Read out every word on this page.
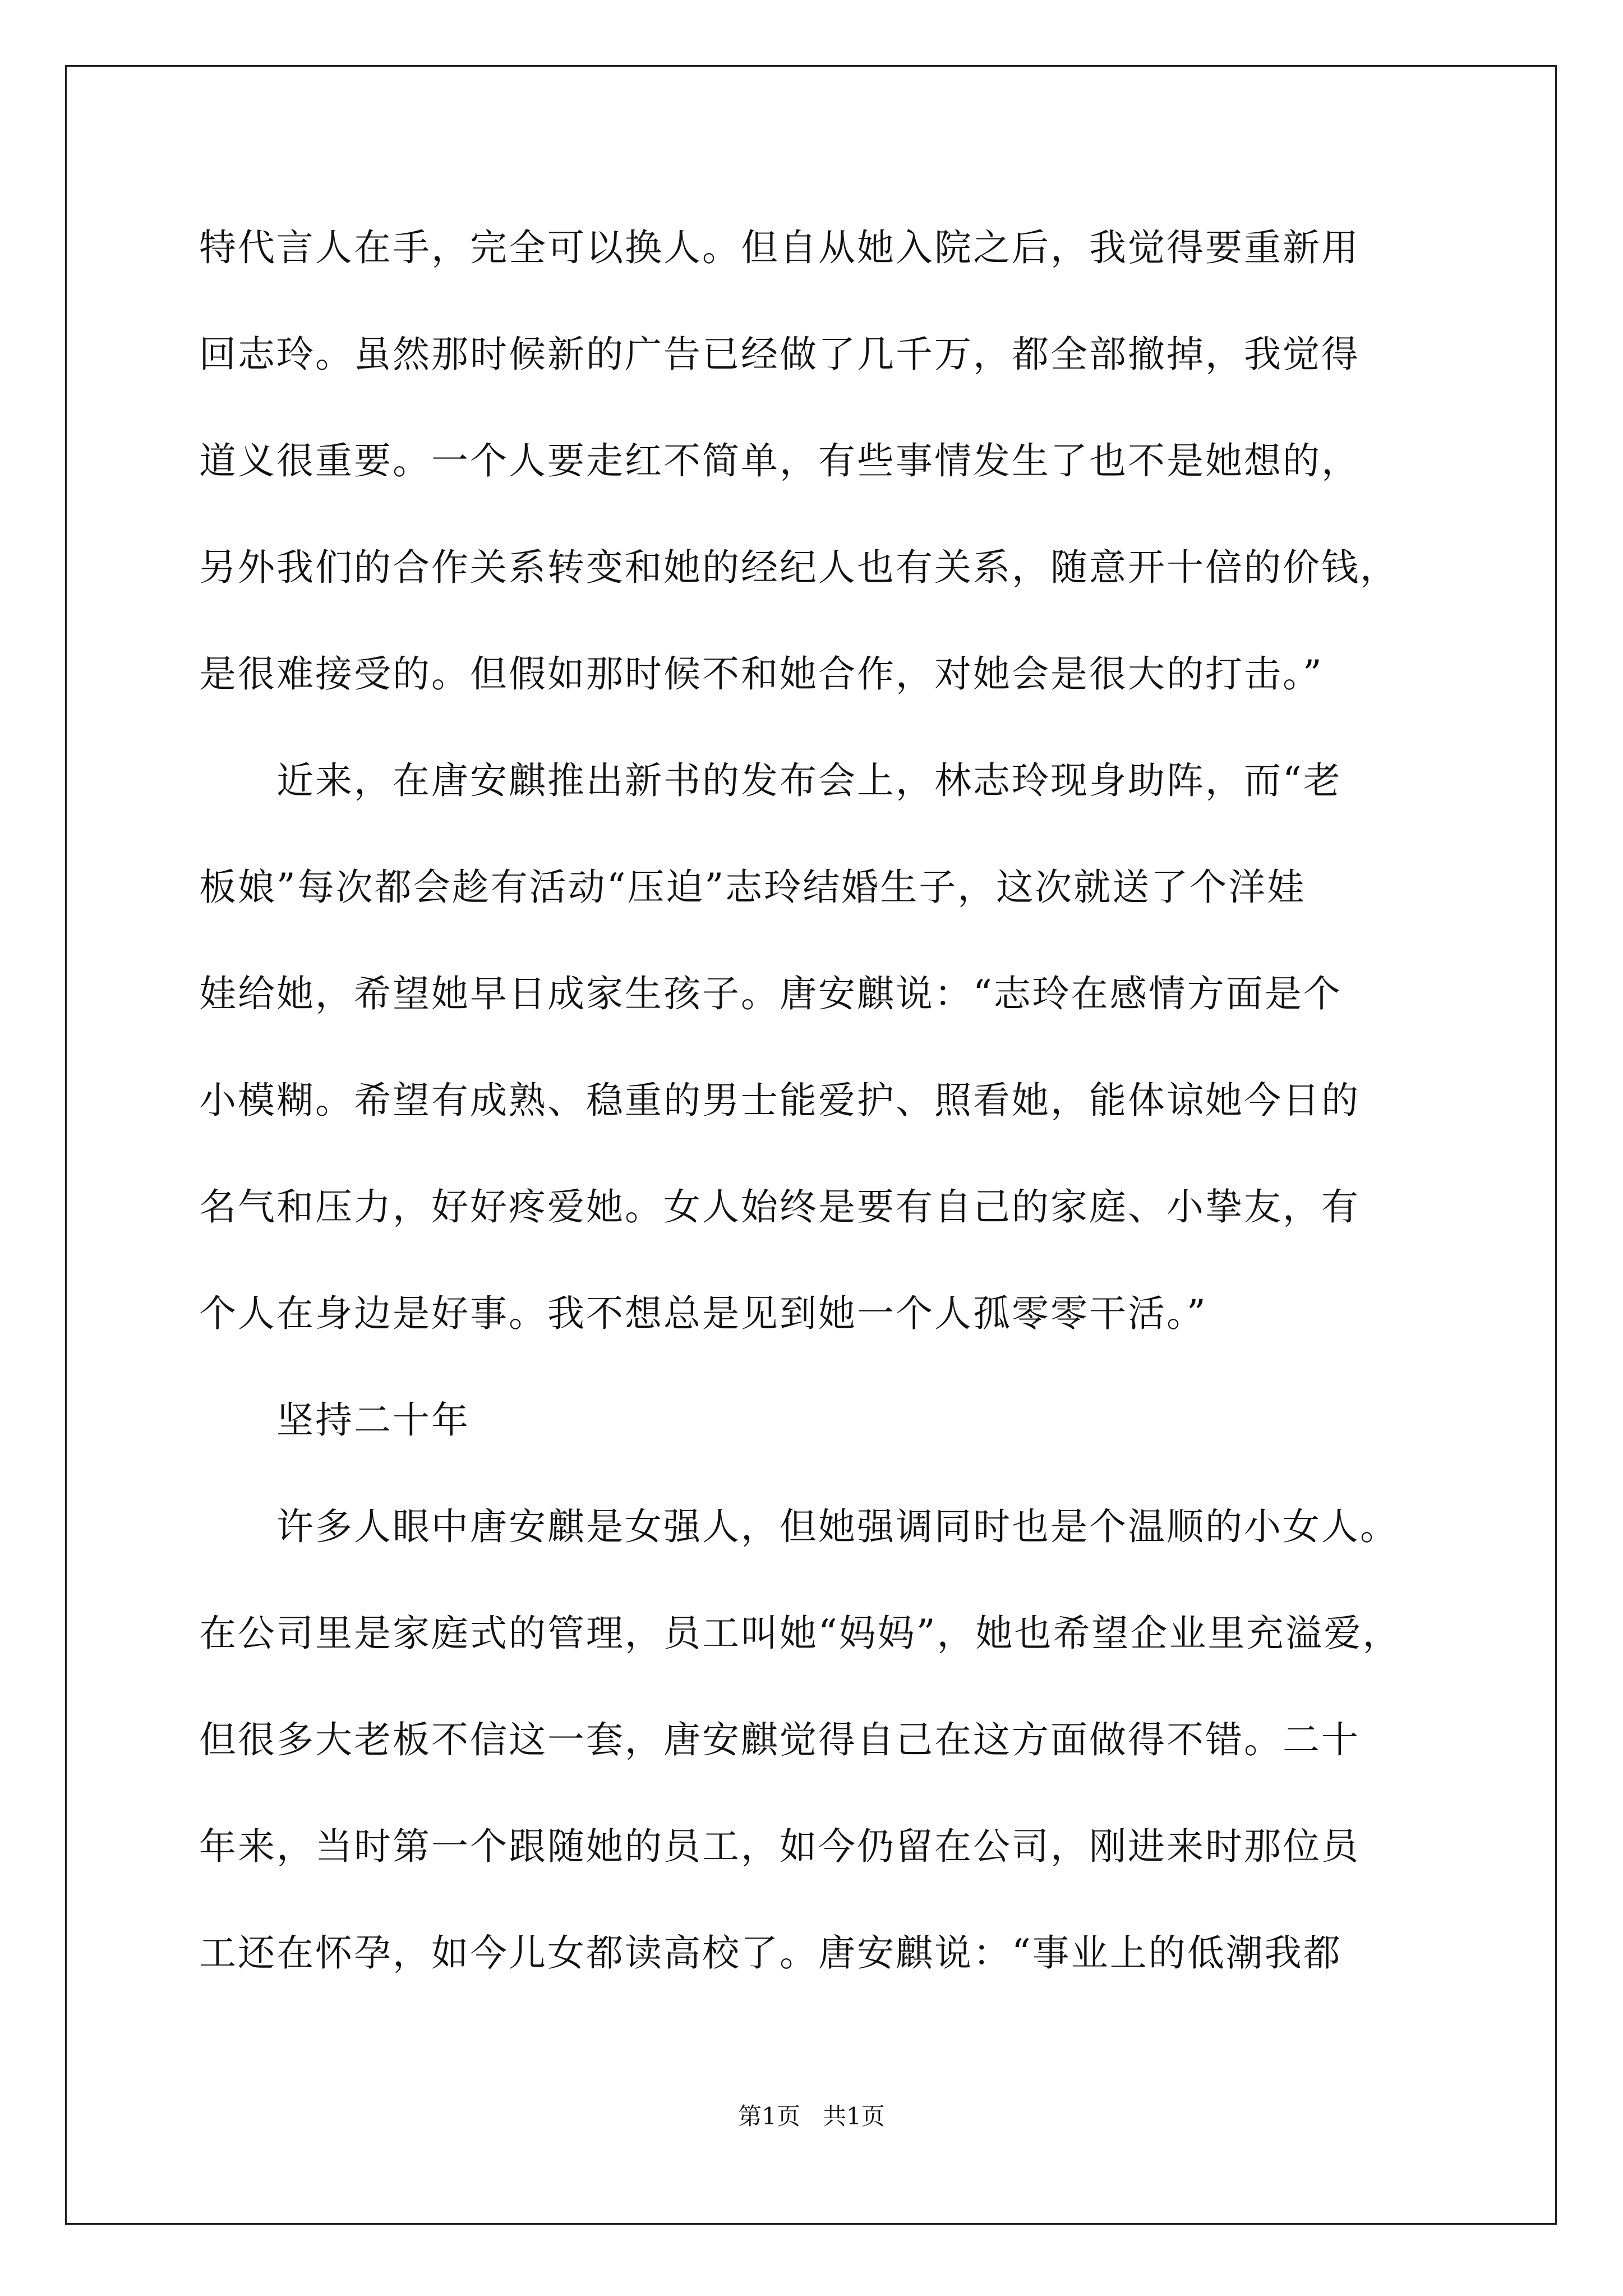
特代言人在手，完全可以换人。但自从她入院之后，我觉得要重新用
回志玲。虽然那时候新的广告已经做了几千万，都全部撤掉，我觉得
道义很重要。一个人要走红不简单，有些事情发生了也不是她想的，
另外我们的合作关系转变和她的经纪人也有关系，随意开十倍的价钱，
是很难接受的。但假如那时候不和她合作，对她会是很大的打击。”
　　近来，在唐安麒推出新书的发布会上，林志玲现身助阵，而“老
板娘”每次都会趁有活动“压迫”志玲结婚生子，这次就送了个洋娃
娃给她，希望她早日成家生孩子。唐安麒说：“志玲在感情方面是个
小模糊。希望有成熟、稳重的男士能爱护、照看她，能体谅她今日的
名气和压力，好好疼爱她。女人始终是要有自己的家庭、小挚友，有
个人在身边是好事。我不想总是见到她一个人孤零零干活。”
　　坚持二十年
　　许多人眼中唐安麒是女强人，但她强调同时也是个温顺的小女人。
在公司里是家庭式的管理，员工叫她“妈妈”，她也希望企业里充溢爱，
但很多大老板不信这一套，唐安麒觉得自己在这方面做得不错。二十
年来，当时第一个跟随她的员工，如今仍留在公司，刚进来时那位员
工还在怀孕，如今儿女都读高校了。唐安麒说：“事业上的低潮我都
第1页   共1页
